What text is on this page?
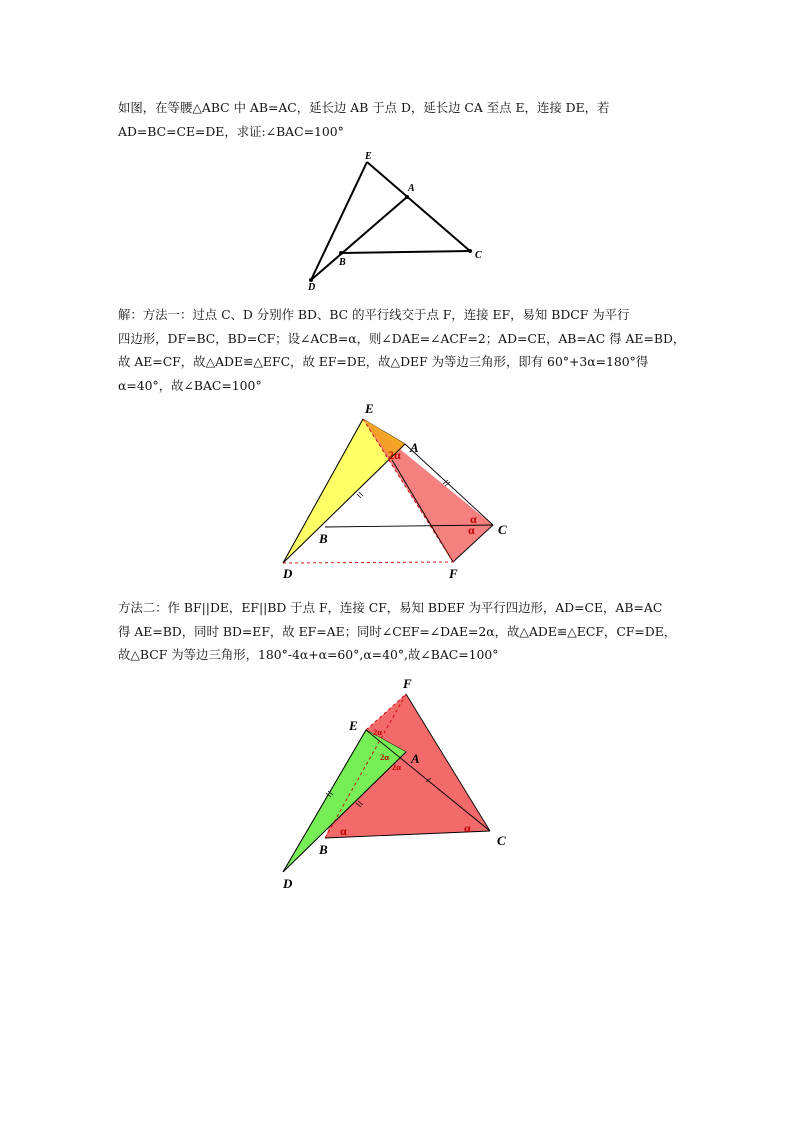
如图，在等腰△ABC 中 AB=AC，延长边 AB 于点 D，延长边 CA 至点 E，连接 DE，若
AD=BC=CE=DE，求证:∠BAC=100°

E
A
B
C
D

解：方法一：过点 C、D 分别作 BD、BC 的平行线交于点 F，连接 EF，易知 BDCF 为平行
四边形，DF=BC，BD=CF；设∠ACB=α，则∠DAE=∠ACF=2；AD=CE，AB=AC 得 AE=BD，
故 AE=CF，故△ADE≌△EFC，故 EF=DE，故△DEF 为等边三角形，即有 60°+3α=180°得
α=40°，故∠BAC=100°

E
A
B
C
D	F
2α
α
α

方法二：作 BF||DE，EF||BD 于点 F，连接 CF，易知 BDEF 为平行四边形，AD=CE，AB=AC
得 AE=BD，同时 BD=EF，故 EF=AE；同时∠CEF=∠DAE=2α，故△ADE≌△ECF，CF=DE，
故△BCF 为等边三角形，180°-4α+α=60°,α=40°,故∠BAC=100°

F
E
A
B
C
D
2α
2α
2α
α	α
